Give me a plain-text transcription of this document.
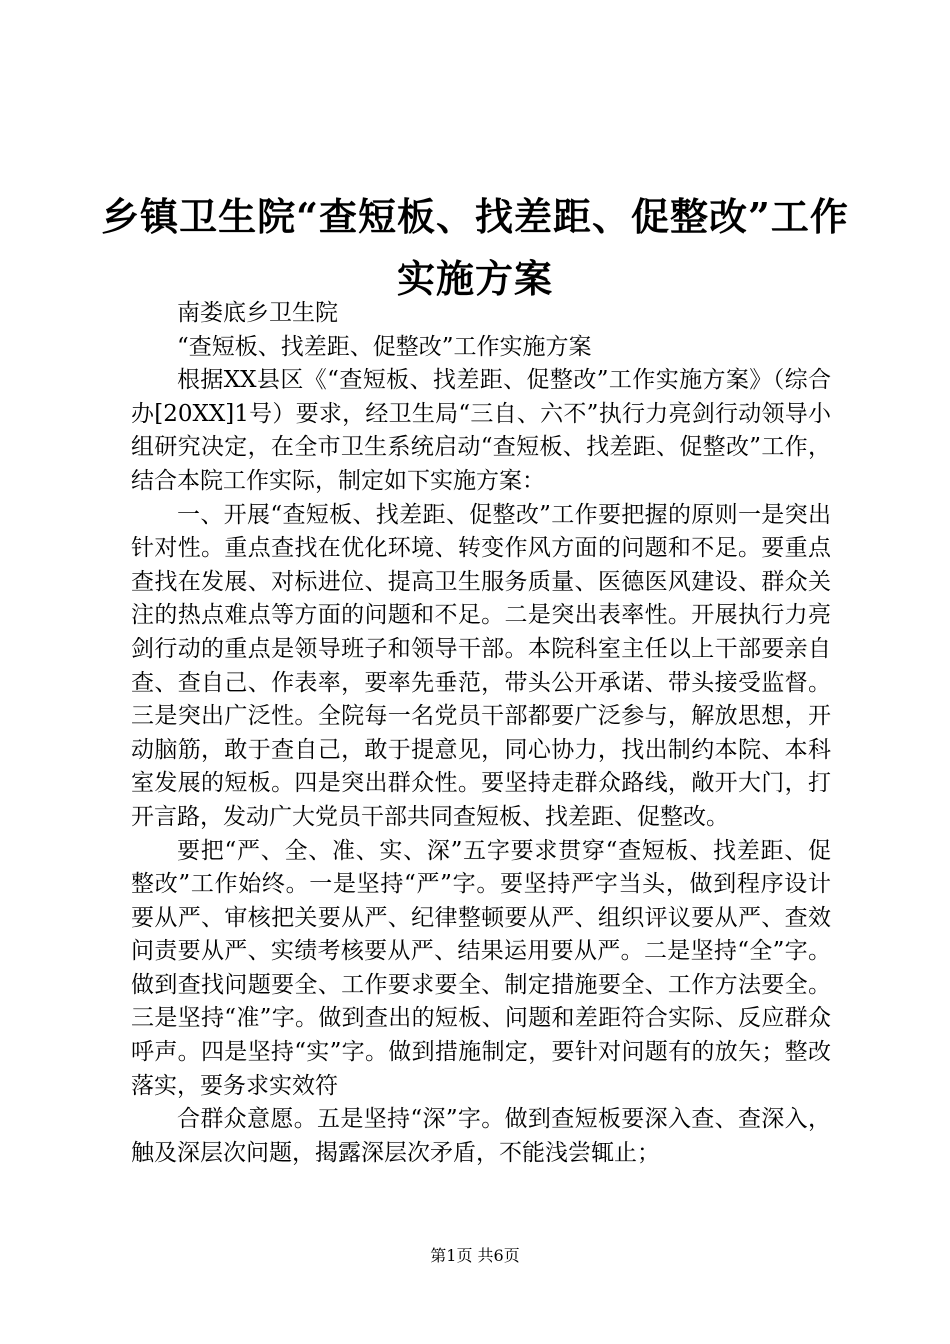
乡镇卫生院“查短板、找差距、促整改”工作
实施方案

南娄底乡卫生院

“查短板、找差距、促整改”工作实施方案

根据XX县区《“查短板、找差距、促整改”工作实施方案》（综合办[20XX]1号）要求，经卫生局“三自、六不”执行力亮剑行动领导小组研究决定，在全市卫生系统启动“查短板、找差距、促整改”工作，结合本院工作实际，制定如下实施方案：

一、开展“查短板、找差距、促整改”工作要把握的原则一是突出针对性。重点查找在优化环境、转变作风方面的问题和不足。要重点查找在发展、对标进位、提高卫生服务质量、医德医风建设、群众关注的热点难点等方面的问题和不足。二是突出表率性。开展执行力亮剑行动的重点是领导班子和领导干部。本院科室主任以上干部要亲自查、查自己、作表率，要率先垂范，带头公开承诺、带头接受监督。三是突出广泛性。全院每一名党员干部都要广泛参与，解放思想，开动脑筋，敢于查自己，敢于提意见，同心协力，找出制约本院、本科室发展的短板。四是突出群众性。要坚持走群众路线，敞开大门，打开言路，发动广大党员干部共同查短板、找差距、促整改。

要把“严、全、准、实、深”五字要求贯穿“查短板、找差距、促整改”工作始终。一是坚持“严”字。要坚持严字当头，做到程序设计要从严、审核把关要从严、纪律整顿要从严、组织评议要从严、查效问责要从严、实绩考核要从严、结果运用要从严。二是坚持“全”字。做到查找问题要全、工作要求要全、制定措施要全、工作方法要全。三是坚持“准”字。做到查出的短板、问题和差距符合实际、反应群众呼声。四是坚持“实”字。做到措施制定，要针对问题有的放矢；整改落实，要务求实效符

合群众意愿。五是坚持“深”字。做到查短板要深入查、查深入，触及深层次问题，揭露深层次矛盾，不能浅尝辄止；

第1页 共6页
